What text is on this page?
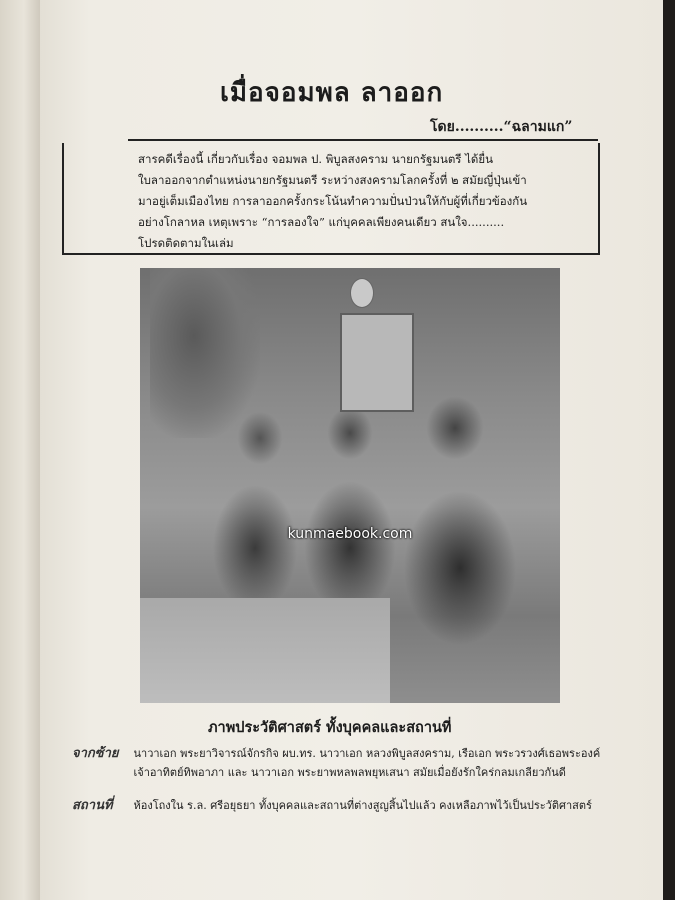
เมื่อจอมพล ลาออก
โดย..........“ฉลามแก”
สารคดีเรื่องนี้ เกี่ยวกับเรื่อง จอมพล ป. พิบูลสงคราม นายกรัฐมนตรี ได้ยื่น
ใบลาออกจากตำแหน่งนายกรัฐมนตรี ระหว่างสงครามโลกครั้งที่ ๒ สมัยญี่ปุ่นเข้า
มาอยู่เต็มเมืองไทย การลาออกครั้งกระโน้นทำความปั่นป่วนให้กับผู้ที่เกี่ยวข้องกัน
อย่างโกลาหล เหตุเพราะ “การลองใจ” แก่บุคคลเพียงคนเดียว สนใจ..........
โปรดติดตามในเล่ม
kunmaebook.com
ภาพประวัติศาสตร์ ทั้งบุคคลและสถานที่
จากซ้าย นาวาเอก พระยาวิจารณ์จักรกิจ ผบ.ทร. นาวาเอก หลวงพิบูลสงคราม, เรือเอก พระวรวงศ์เธอพระองค์
เจ้าอาทิตย์ทิพอาภา และ นาวาเอก พระยาพหลพลพยุหเสนา สมัยเมื่อยังรักใคร่กลมเกลียวกันดี
สถานที่ ห้องโถงใน ร.ล. ศรีอยุธยา ทั้งบุคคลและสถานที่ต่างสูญสิ้นไปแล้ว คงเหลือภาพไว้เป็นประวัติศาสตร์
